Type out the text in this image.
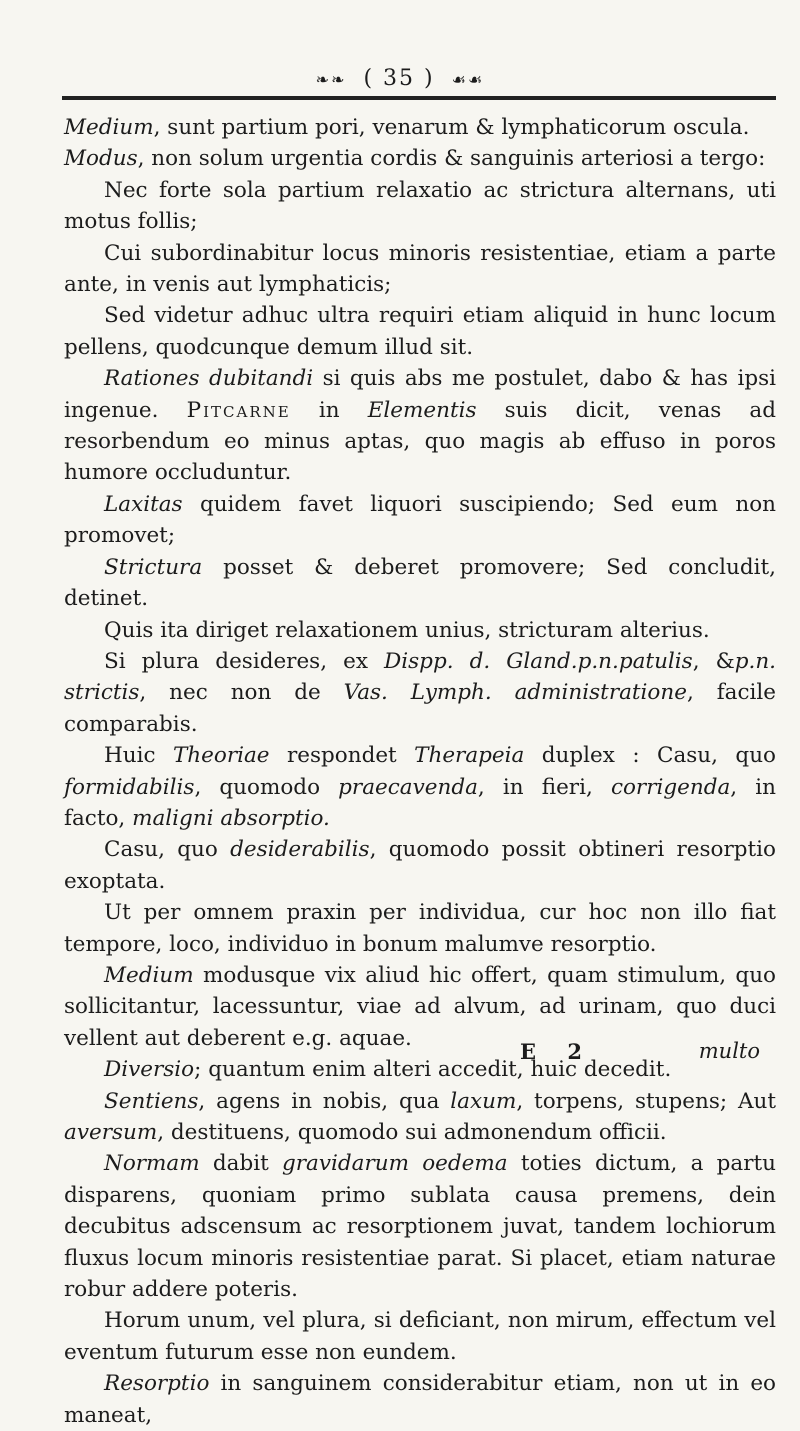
❧❧ ( 35 ) ☙☙

Medium, sunt partium pori, venarum & lymphaticorum oscula.

Modus, non solum urgentia cordis & sanguinis arteriosi a tergo:

Nec forte sola partium relaxatio ac strictura alternans, uti motus follis;

Cui subordinabitur locus minoris resistentiae, etiam a parte ante, in venis aut lymphaticis;

Sed videtur adhuc ultra requiri etiam aliquid in hunc locum pellens, quodcunque demum illud sit.

Rationes dubitandi si quis abs me postulet, dabo & has ipsi ingenue. Pitcarne in Elementis suis dicit, venas ad resorbendum eo minus aptas, quo magis ab effuso in poros humore occluduntur.

Laxitas quidem favet liquori suscipiendo; Sed eum non promovet;

Strictura posset & deberet promovere; Sed concludit, detinet.

Quis ita diriget relaxationem unius, stricturam alterius.

Si plura desideres, ex Dispp. d. Gland.p.n.patulis, &p.n. strictis, nec non de Vas. Lymph. administratione, facile comparabis.

Huic Theoriae respondet Therapeia duplex : Casu, quo formidabilis, quomodo praecavenda, in fieri, corrigenda, in facto, maligni absorptio.

Casu, quo desiderabilis, quomodo possit obtineri resorptio exoptata.

Ut per omnem praxin per individua, cur hoc non illo fiat tempore, loco, individuo in bonum malumve resorptio.

Medium modusque vix aliud hic offert, quam stimulum, quo sollicitantur, lacessuntur, viae ad alvum, ad urinam, quo duci vellent aut deberent e.g. aquae.

Diversio; quantum enim alteri accedit, huic decedit.

Sentiens, agens in nobis, qua laxum, torpens, stupens; Aut aversum, destituens, quomodo sui admonendum officii.

Normam dabit gravidarum oedema toties dictum, a partu disparens, quoniam primo sublata causa premens, dein decubitus adscensum ac resorptionem juvat, tandem lochiorum fluxus locum minoris resistentiae parat. Si placet, etiam naturae robur addere poteris.

Horum unum, vel plura, si deficiant, non mirum, effectum vel eventum futurum esse non eundem.

Resorptio in sanguinem considerabitur etiam, non ut in eo maneat,

E 2	multo
